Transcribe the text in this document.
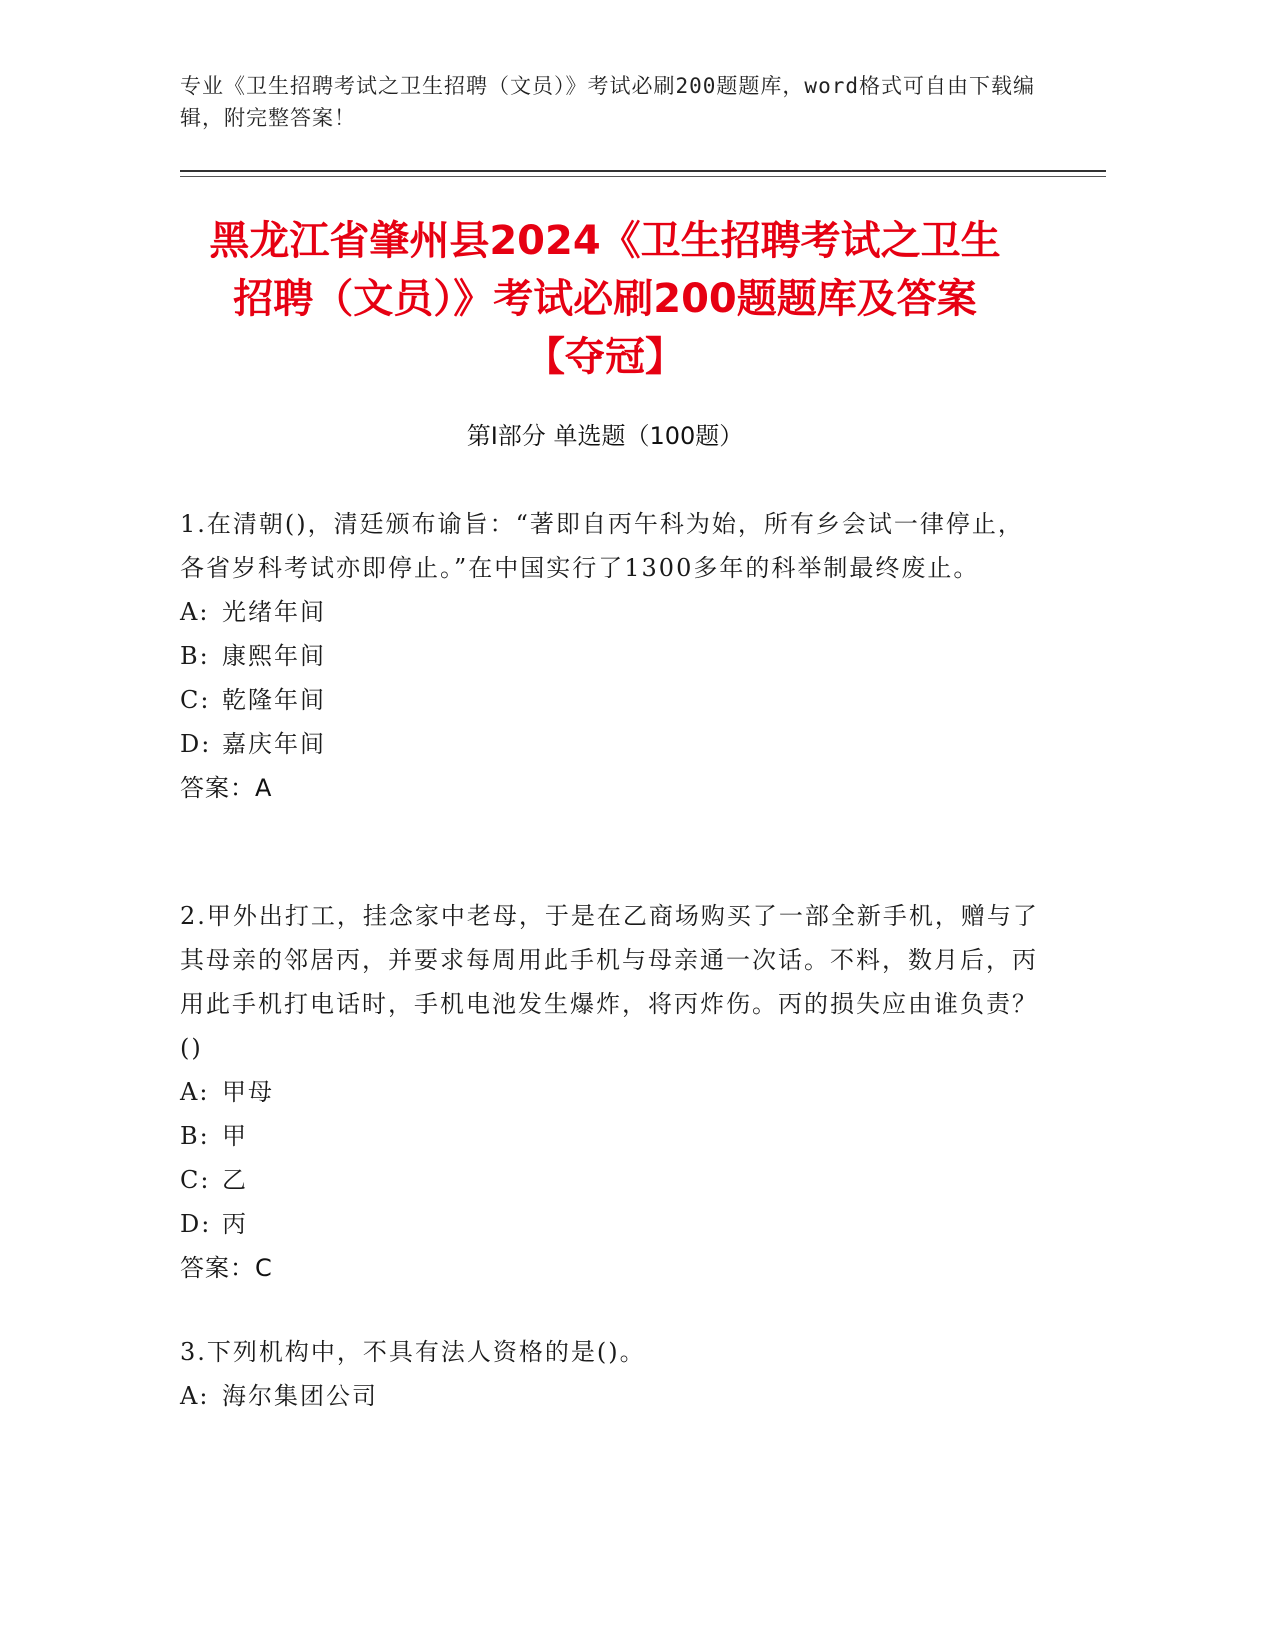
专业《卫生招聘考试之卫生招聘（文员）》考试必刷200题题库，word格式可自由下载编辑，附完整答案！
黑龙江省肇州县2024《卫生招聘考试之卫生
招聘（文员）》考试必刷200题题库及答案
【夺冠】
第Ⅰ部分 单选题（100题）
1.在清朝()，清廷颁布谕旨：“著即自丙午科为始，所有乡会试一律停止，各省岁科考试亦即停止。”在中国实行了1300多年的科举制最终废止。
A: 光绪年间
B: 康熙年间
C: 乾隆年间
D: 嘉庆年间
答案：A
2.甲外出打工，挂念家中老母，于是在乙商场购买了一部全新手机，赠与了其母亲的邻居丙，并要求每周用此手机与母亲通一次话。不料，数月后，丙用此手机打电话时，手机电池发生爆炸，将丙炸伤。丙的损失应由谁负责？()
A: 甲母
B: 甲
C: 乙
D: 丙
答案：C
3.下列机构中，不具有法人资格的是()。
A: 海尔集团公司
